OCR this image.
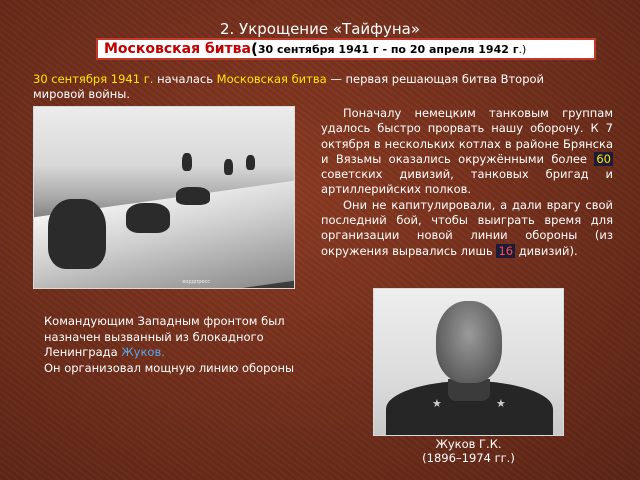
2. Укрощение «Тайфуна»
Московская битва ( 30 сентября 1941 г - по 20 апреля 1942 г .)
30 сентября 1941 г. началась Московская битва — первая решающая битва Второй мировой войны.
вордпресс

Поначалу немецким танковым группам удалось быстро прорвать нашу оборону. К 7 октября в нескольких котлах в районе Брянска и Вязьмы оказались окружёнными более 60 советских дивизий, танковых бригад и артиллерийских полков.

Они не капитулировали, а дали врагу свой последний бой, чтобы выиграть время для организации новой линии обороны (из окружения вырвались лишь 16 дивизий).

Командующим Западным фронтом был назначен вызванный из блокадного Ленинграда Жуков.

Он организовал мощную линию обороны

★	★
Жуков Г.К.
(1896–1974 гг.)
